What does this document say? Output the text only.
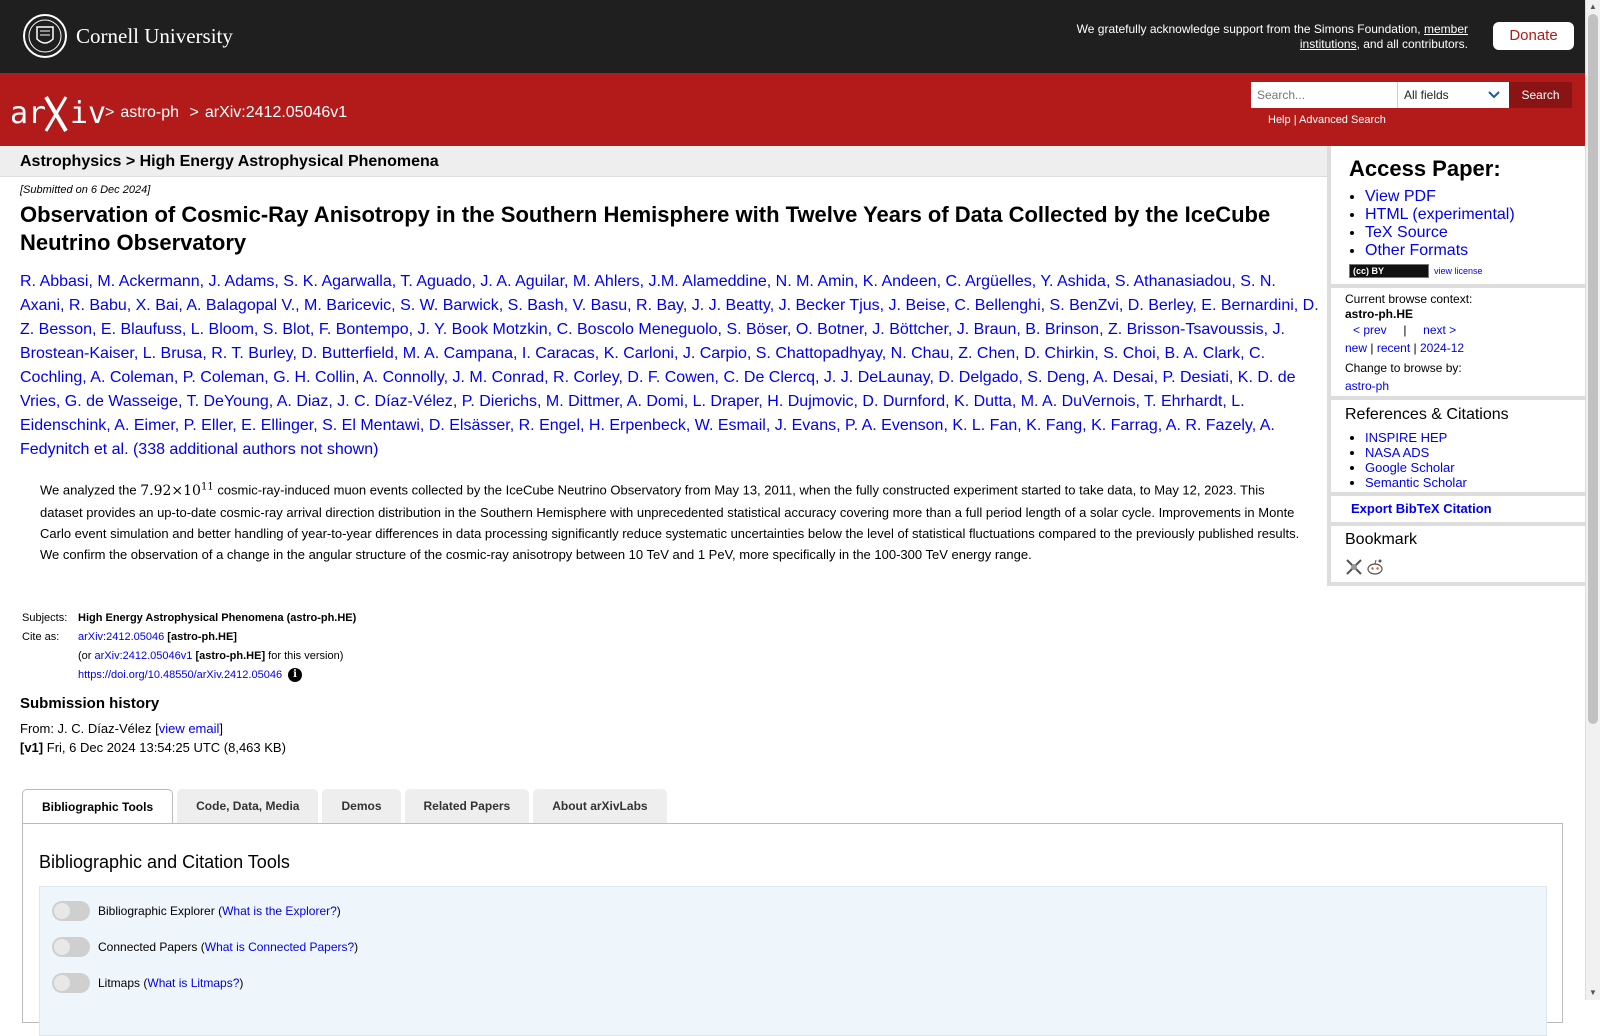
Cornell University	We gratefully acknowledge support from the Simons Foundation, member institutions, and all contributors.	Donate
ar iv
> astro-ph > arXiv:2412.05046v1
Search...	All fields	Search
Help | Advanced Search
Astrophysics > High Energy Astrophysical Phenomena
[Submitted on 6 Dec 2024]
Observation of Cosmic-Ray Anisotropy in the Southern Hemisphere with Twelve Years of Data Collected by the IceCube Neutrino Observatory
R. Abbasi, M. Ackermann, J. Adams, S. K. Agarwalla, T. Aguado, J. A. Aguilar, M. Ahlers, J.M. Alameddine, N. M. Amin, K. Andeen, C. Argüelles, Y. Ashida, S. Athanasiadou, S. N. Axani, R. Babu, X. Bai, A. Balagopal V., M. Baricevic, S. W. Barwick, S. Bash, V. Basu, R. Bay, J. J. Beatty, J. Becker Tjus, J. Beise, C. Bellenghi, S. BenZvi, D. Berley, E. Bernardini, D. Z. Besson, E. Blaufuss, L. Bloom, S. Blot, F. Bontempo, J. Y. Book Motzkin, C. Boscolo Meneguolo, S. Böser, O. Botner, J. Böttcher, J. Braun, B. Brinson, Z. Brisson-Tsavoussis, J. Brostean-Kaiser, L. Brusa, R. T. Burley, D. Butterfield, M. A. Campana, I. Caracas, K. Carloni, J. Carpio, S. Chattopadhyay, N. Chau, Z. Chen, D. Chirkin, S. Choi, B. A. Clark, C. Cochling, A. Coleman, P. Coleman, G. H. Collin, A. Connolly, J. M. Conrad, R. Corley, D. F. Cowen, C. De Clercq, J. J. DeLaunay, D. Delgado, S. Deng, A. Desai, P. Desiati, K. D. de Vries, G. de Wasseige, T. DeYoung, A. Diaz, J. C. Díaz-Vélez, P. Dierichs, M. Dittmer, A. Domi, L. Draper, H. Dujmovic, D. Durnford, K. Dutta, M. A. DuVernois, T. Ehrhardt, L. Eidenschink, A. Eimer, P. Eller, E. Ellinger, S. El Mentawi, D. Elsässer, R. Engel, H. Erpenbeck, W. Esmail, J. Evans, P. A. Evenson, K. L. Fan, K. Fang, K. Farrag, A. R. Fazely, A. Fedynitch et al. (338 additional authors not shown)
We analyzed the $7.92\times 10^{11}$ cosmic-ray-induced muon events collected by the IceCube Neutrino Observatory from May 13, 2011, when the fully constructed experiment started to take data, to May 12, 2023. This dataset provides an up-to-date cosmic-ray arrival direction distribution in the Southern Hemisphere with unprecedented statistical accuracy covering more than a full period length of a solar cycle. Improvements in Monte Carlo event simulation and better handling of year-to-year differences in data processing significantly reduce systematic uncertainties below the level of statistical fluctuations compared to the previously published results. We confirm the observation of a change in the angular structure of the cosmic-ray anisotropy between 10 TeV and 1 PeV, more specifically in the 100-300 TeV energy range.
Subjects: High Energy Astrophysical Phenomena (astro-ph.HE)
Cite as:	arXiv:2412.05046
[astro-ph.HE]
(or
arXiv:2412.05046v1
[astro-ph.HE]
for this version)
https://doi.org/10.48550/arXiv.2412.05046	i
Submission history
From: J. C. Díaz-Vélez [view email]
[v1] Fri, 6 Dec 2024 13:54:25 UTC (8,463 KB)
Bibliographic Tools	Code, Data, Media	Demos	Related Papers	About arXivLabs
Bibliographic and Citation Tools
Bibliographic Explorer ( What is the Explorer? )
Connected Papers ( What is Connected Papers? )
Litmaps ( What is Litmaps? )
Access Paper:
• View PDF
• HTML (experimental)
• TeX Source
• Other Formats
(cc) BY	view license
Current browse context:
astro-ph.HE
< prev | next >
new | recent | 2024-12
Change to browse by:
astro-ph
References & Citations
• INSPIRE HEP
• NASA ADS
• Google Scholar
• Semantic Scholar
Export BibTeX Citation
Bookmark
▲
▼
